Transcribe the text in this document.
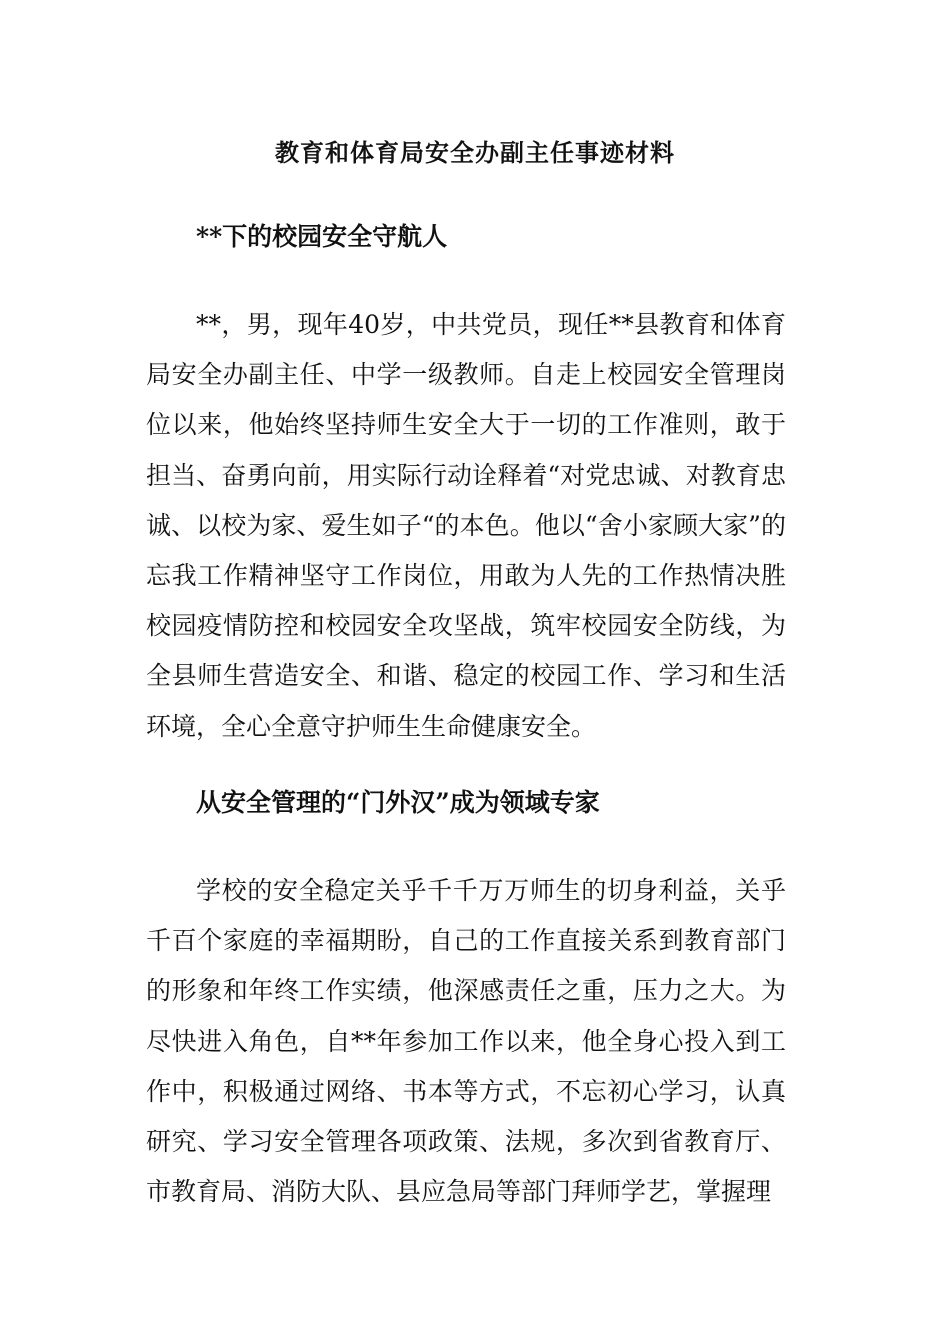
教育和体育局安全办副主任事迹材料
**下的校园安全守航人

**，男，现年40岁，中共党员，现任**县教育和体育局安全办副主任、中学一级教师。自走上校园安全管理岗位以来，他始终坚持师生安全大于一切的工作准则，敢于担当、奋勇向前，用实际行动诠释着“对党忠诚、对教育忠诚、以校为家、爱生如子“的本色。他以“舍小家顾大家”的忘我工作精神坚守工作岗位，用敢为人先的工作热情决胜校园疫情防控和校园安全攻坚战，筑牢校园安全防线，为全县师生营造安全、和谐、稳定的校园工作、学习和生活环境，全心全意守护师生生命健康安全。

从安全管理的“门外汉”成为领域专家

学校的安全稳定关乎千千万万师生的切身利益，关乎千百个家庭的幸福期盼，自己的工作直接关系到教育部门的形象和年终工作实绩，他深感责任之重，压力之大。为尽快进入角色，自**年参加工作以来，他全身心投入到工作中，积极通过网络、书本等方式，不忘初心学习，认真研究、学习安全管理各项政策、法规，多次到省教育厅、市教育局、消防大队、县应急局等部门拜师学艺，掌握理
